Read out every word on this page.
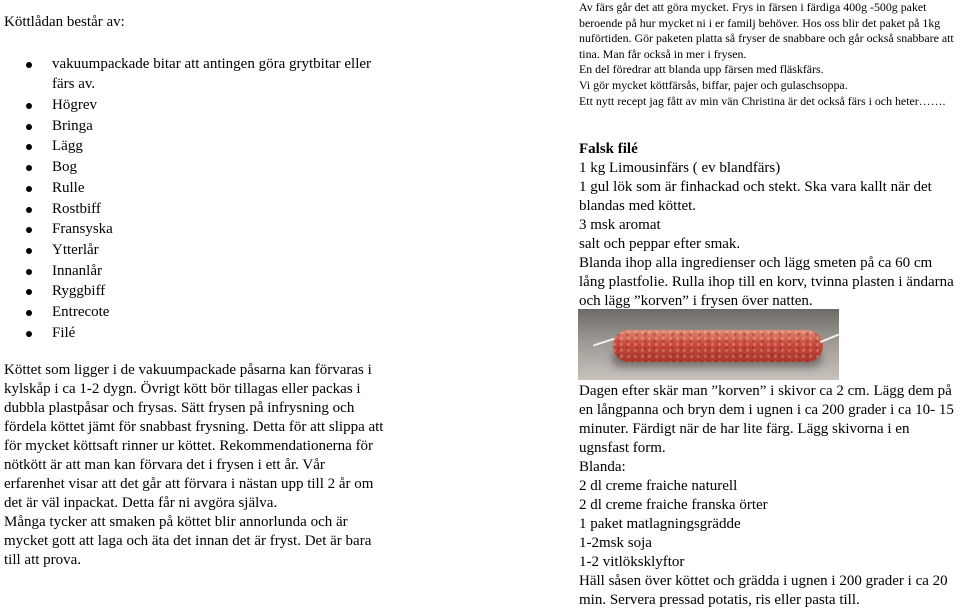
Köttlådan består av:
vakuumpackade bitar att antingen göra grytbitar eller färs av.
Högrev
Bringa
Lägg
Bog
Rulle
Rostbiff
Fransyska
Ytterlår
Innanlår
Ryggbiff
Entrecote
Filé

Köttet som ligger i de vakuumpackade påsarna kan förvaras i kylskåp i ca 1-2 dygn. Övrigt kött bör tillagas eller packas i dubbla plastpåsar och frysas. Sätt frysen på infrysning och fördela köttet jämt för snabbast frysning. Detta för att slippa att för mycket köttsaft rinner ur köttet. Rekommendationerna för nötkött är att man kan förvara det i frysen i ett år. Vår erfarenhet visar att det går att förvara i nästan upp till 2 år om det är väl inpackat. Detta får ni avgöra själva.

Många tycker att smaken på köttet blir annorlunda och är mycket gott att laga och äta det innan det är fryst. Det är bara till att prova.

Av färs går det att göra mycket. Frys in färsen i färdiga 400g -500g paket beroende på hur mycket ni i er familj behöver. Hos oss blir det paket på 1kg nuförtiden. Gör paketen platta så fryser de snabbare och går också snabbare att tina. Man får också in mer i frysen.

En del föredrar att blanda upp färsen med fläskfärs.

Vi gör mycket köttfärsås, biffar, pajer och gulaschsoppa.

Ett nytt recept jag fått av min vän Christina är det också färs i och heter…….

Falsk filé

1 kg Limousinfärs ( ev blandfärs)

1 gul lök som är finhackad och stekt. Ska vara kallt när det blandas med köttet.

3 msk aromat

salt och peppar efter smak.

Blanda ihop alla ingredienser och lägg smeten på ca 60 cm lång plastfolie. Rulla ihop till en korv, tvinna plasten i ändarna och lägg ”korven” i frysen över natten.

Dagen efter skär man ”korven” i skivor ca 2 cm. Lägg dem på en långpanna och bryn dem i ugnen i ca 200 grader i ca 10- 15 minuter. Färdigt när de har lite färg. Lägg skivorna i en ugnsfast form.

Blanda:

2 dl creme fraiche naturell

2 dl creme fraiche franska örter

1 paket matlagningsgrädde

1-2msk soja

1-2 vitlöksklyftor

Häll såsen över köttet och grädda i ugnen i 200 grader i ca 20 min. Servera pressad potatis, ris eller pasta till.
